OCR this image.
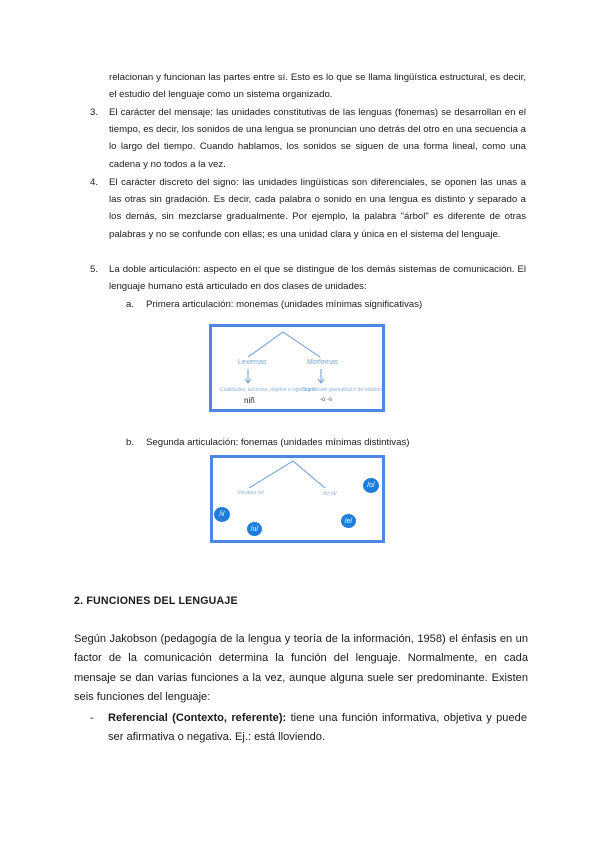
relacionan y funcionan las partes entre sí. Esto es lo que se llama lingüística estructural, es decir, el estudio del lenguaje como un sistema organizado.
3. El carácter del mensaje: las unidades constitutivas de las lenguas (fonemas) se desarrollan en el tiempo, es decir, los sonidos de una lengua se pronuncian uno detrás del otro en una secuencia a lo largo del tiempo. Cuando hablamos, los sonidos se siguen de una forma lineal, como una cadena y no todos a la vez.
4. El carácter discreto del signo: las unidades lingüísticas son diferenciales, se oponen las unas a las otras sin gradación. Es decir, cada palabra o sonido en una lengua es distinto y separado a los demás, sin mezclarse gradualmente. Por ejemplo, la palabra "árbol" es diferente de otras palabras y no se confunde con ellas; es una unidad clara y única en el sistema del lenguaje.
5. La doble articulación: aspecto en el que se distingue de los demás sistemas de comunicación. El lenguaje humano está articulado en dos clases de unidades:
a. Primera articulación: monemas (unidades mínimas significativas)
Lexemas	Morfemas
Cualidades, acciones, objetos o significado
Significado gramatical o de relación
niñ	-o -s
b. Segunda articulación: fonemas (unidades mínimas distintivas)
Vocales /ɐ/	/b/ /d/
/i/
/u/
/e/
/o/
2. FUNCIONES DEL LENGUAJE
Según Jakobson (pedagogía de la lengua y teoría de la información, 1958) el énfasis en un factor de la comunicación determina la función del lenguaje. Normalmente, en cada mensaje se dan varias funciones a la vez, aunque alguna suele ser predominante. Existen seis funciones del lenguaje:
- Referencial (Contexto, referente): tiene una función informativa, objetiva y puede ser afirmativa o negativa. Ej.: está lloviendo.
